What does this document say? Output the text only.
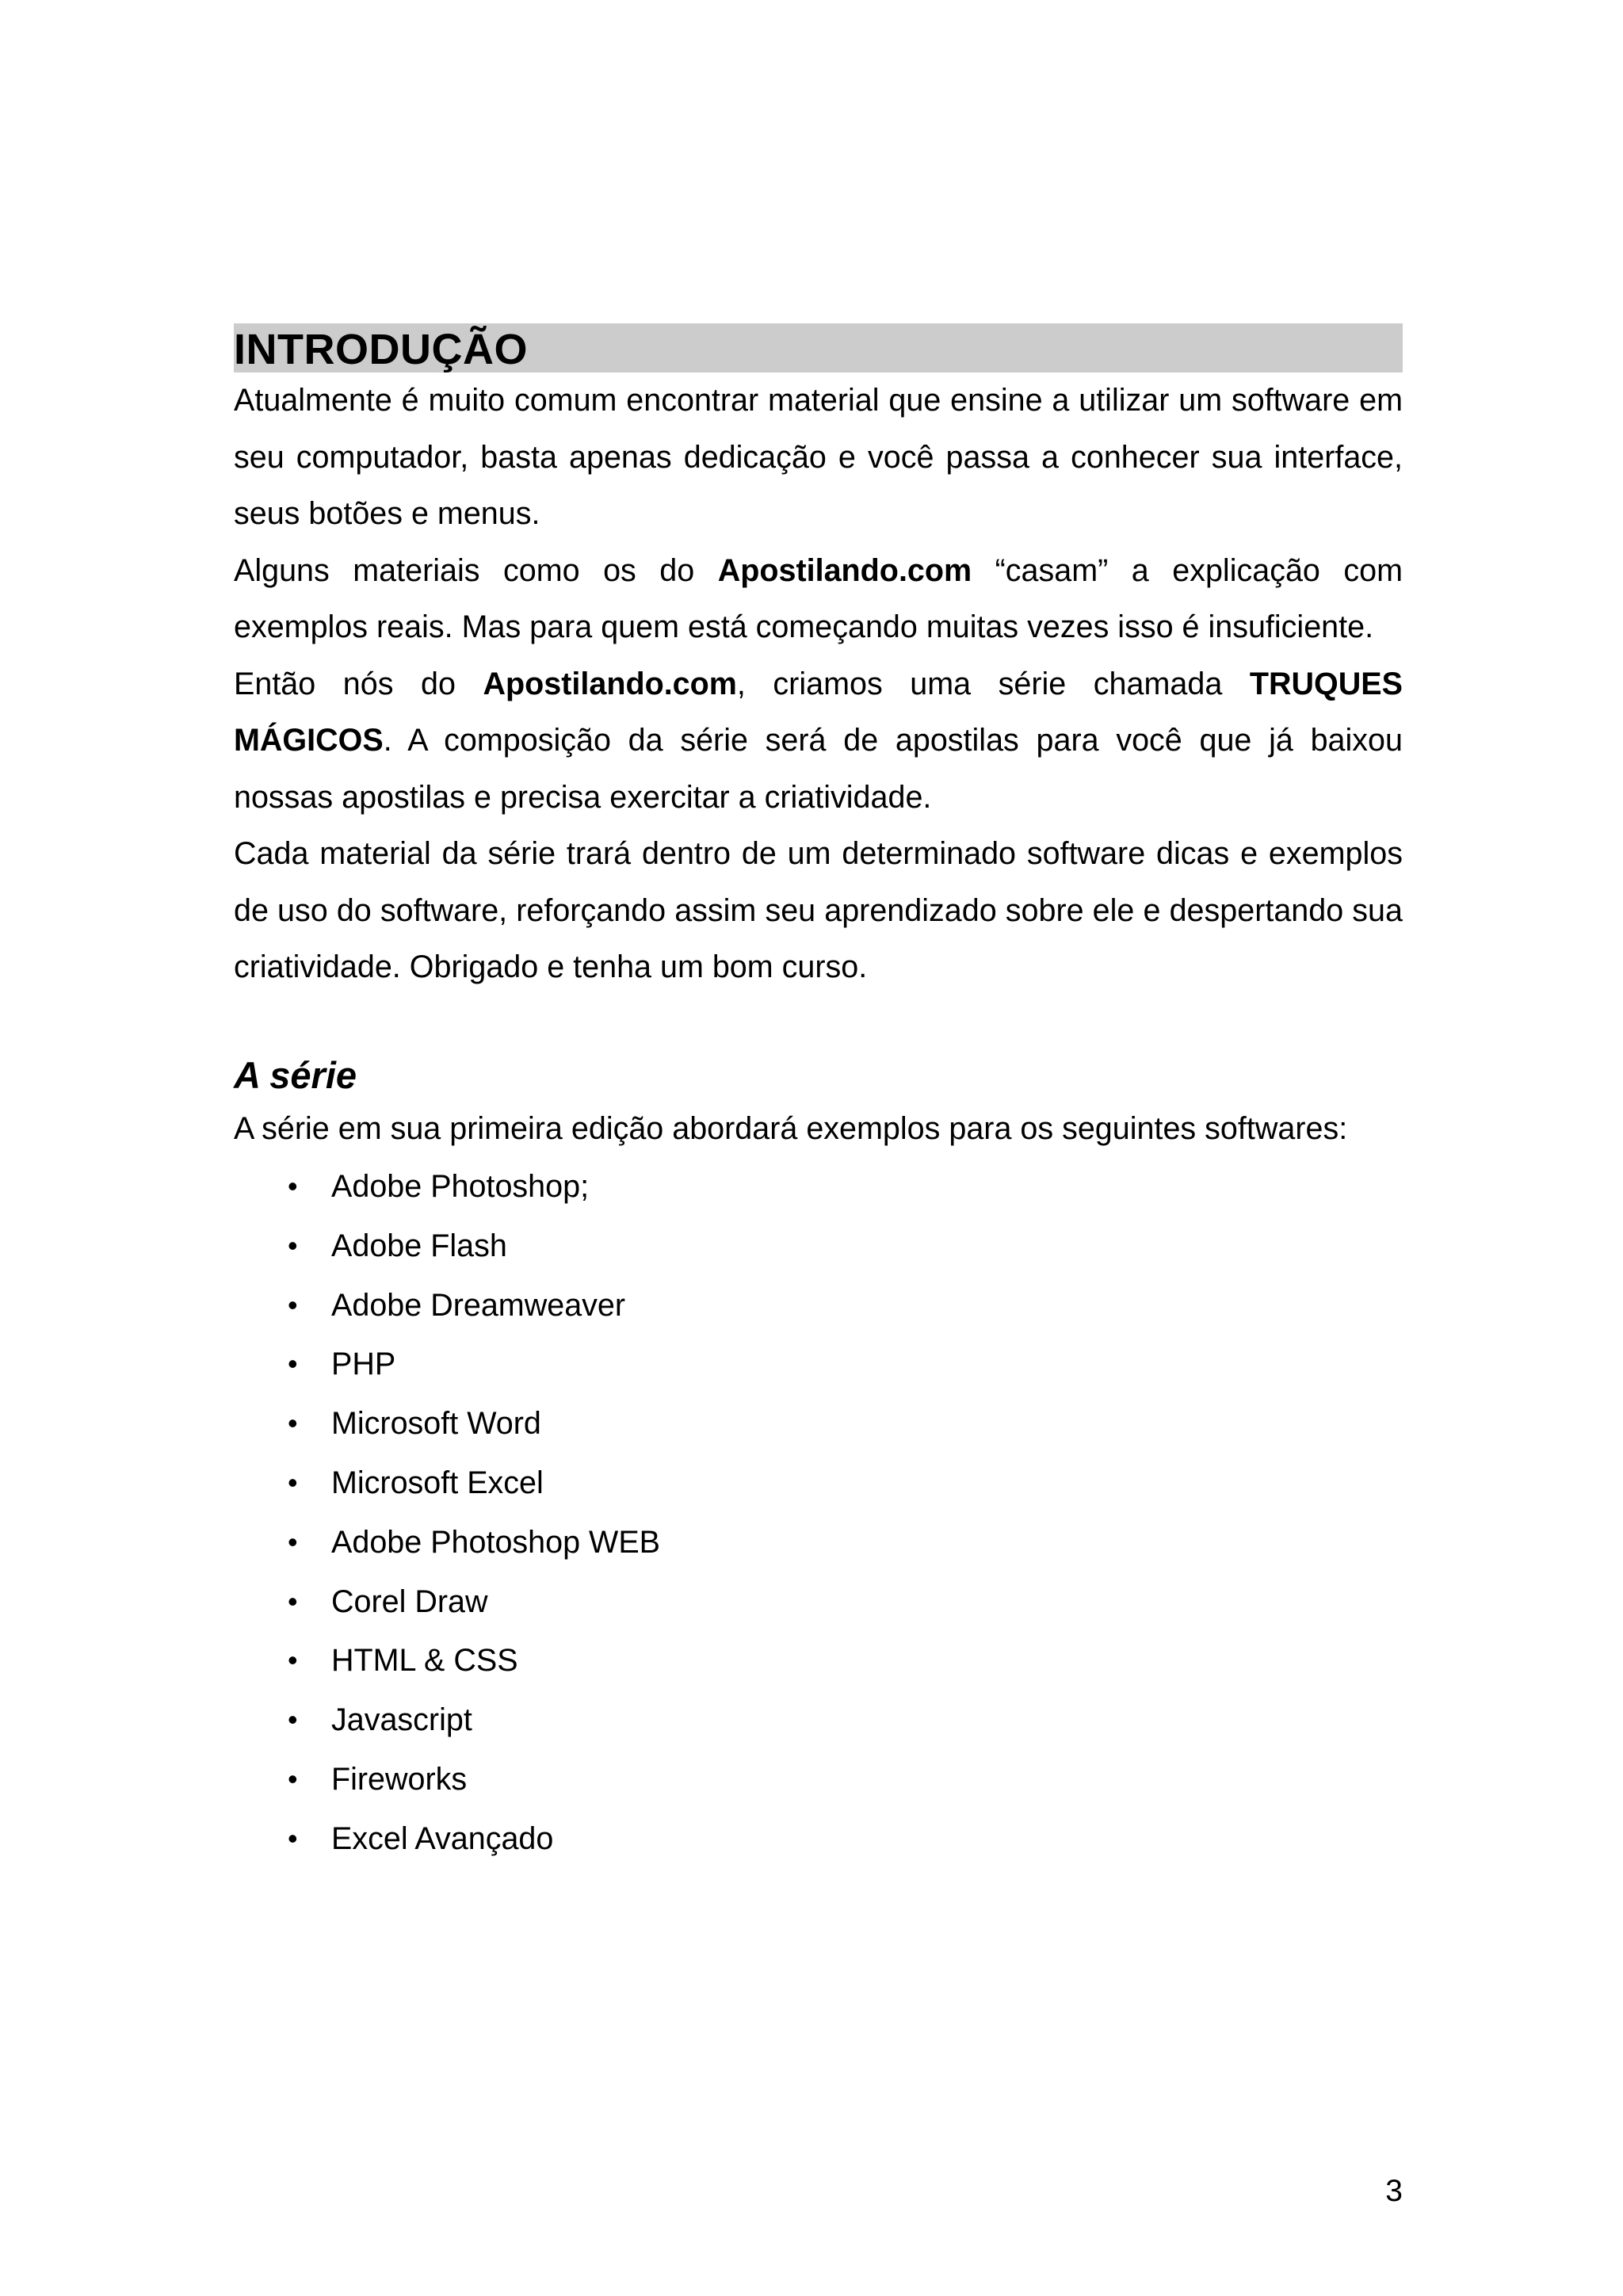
INTRODUÇÃO

Atualmente é muito comum encontrar material que ensine a utilizar um software em seu computador, basta apenas dedicação e você passa a conhecer sua interface, seus botões e menus.

Alguns materiais como os do Apostilando.com “casam” a explicação com exemplos reais. Mas para quem está começando muitas vezes isso é insuficiente.

Então nós do Apostilando.com, criamos uma série chamada TRUQUES MÁGICOS. A composição da série será de apostilas para você que já baixou nossas apostilas e precisa exercitar a criatividade.

Cada material da série trará dentro de um determinado software dicas e exemplos de uso do software, reforçando assim seu aprendizado sobre ele e despertando sua criatividade. Obrigado e tenha um bom curso.

A série

A série em sua primeira edição abordará exemplos para os seguintes softwares:

• Adobe Photoshop;
• Adobe Flash
• Adobe Dreamweaver
• PHP
• Microsoft Word
• Microsoft Excel
• Adobe Photoshop WEB
• Corel Draw
• HTML & CSS
• Javascript
• Fireworks
• Excel Avançado
3
